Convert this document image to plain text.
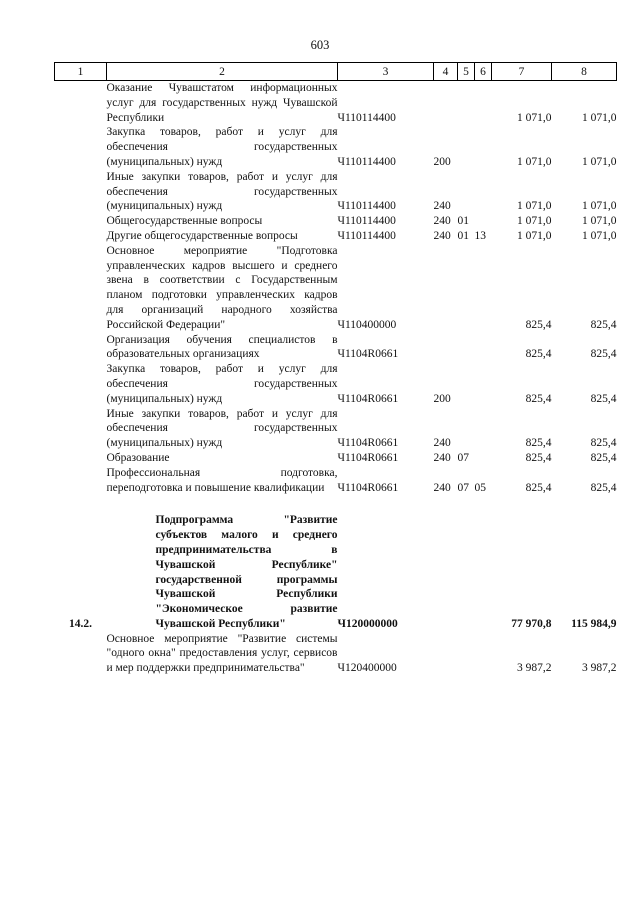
603
1	2	3	4	5	6	7	8
	Оказание Чувашстатом информационных услуг для государственных нужд Чувашской Республики	Ч110114400				1 071,0	1 071,0
	Закупка товаров, работ и услуг для обеспечения государственных (муниципальных) нужд	Ч110114400	200			1 071,0	1 071,0
	Иные закупки товаров, работ и услуг для обеспечения государственных (муниципальных) нужд	Ч110114400	240			1 071,0	1 071,0
	Общегосударственные вопросы	Ч110114400	240	01		1 071,0	1 071,0
	Другие общегосударственные вопросы	Ч110114400	240	01	13	1 071,0	1 071,0
	Основное мероприятие "Подготовка управленческих кадров высшего и среднего звена в соответствии с Государственным планом подготовки управленческих кадров для организаций народного хозяйства Российской Федерации"	Ч110400000				825,4	825,4
	Организация обучения специалистов в образовательных организациях	Ч1104R0661				825,4	825,4
	Закупка товаров, работ и услуг для обеспечения государственных (муниципальных) нужд	Ч1104R0661	200			825,4	825,4
	Иные закупки товаров, работ и услуг для обеспечения государственных (муниципальных) нужд	Ч1104R0661	240			825,4	825,4
	Образование	Ч1104R0661	240	07		825,4	825,4
	Профессиональная подготовка, переподготовка и повышение квалификации	Ч1104R0661	240	07	05	825,4	825,4
14.2.	Подпрограмма "Развитие субъектов малого и среднего предпринимательства в Чувашской Республике" государственной программы Чувашской Республики "Экономическое развитие Чувашской Республики"	Ч120000000				77 970,8	115 984,9
	Основное мероприятие "Развитие системы "одного окна" предоставления услуг, сервисов и мер поддержки предпринимательства"	Ч120400000				3 987,2	3 987,2
